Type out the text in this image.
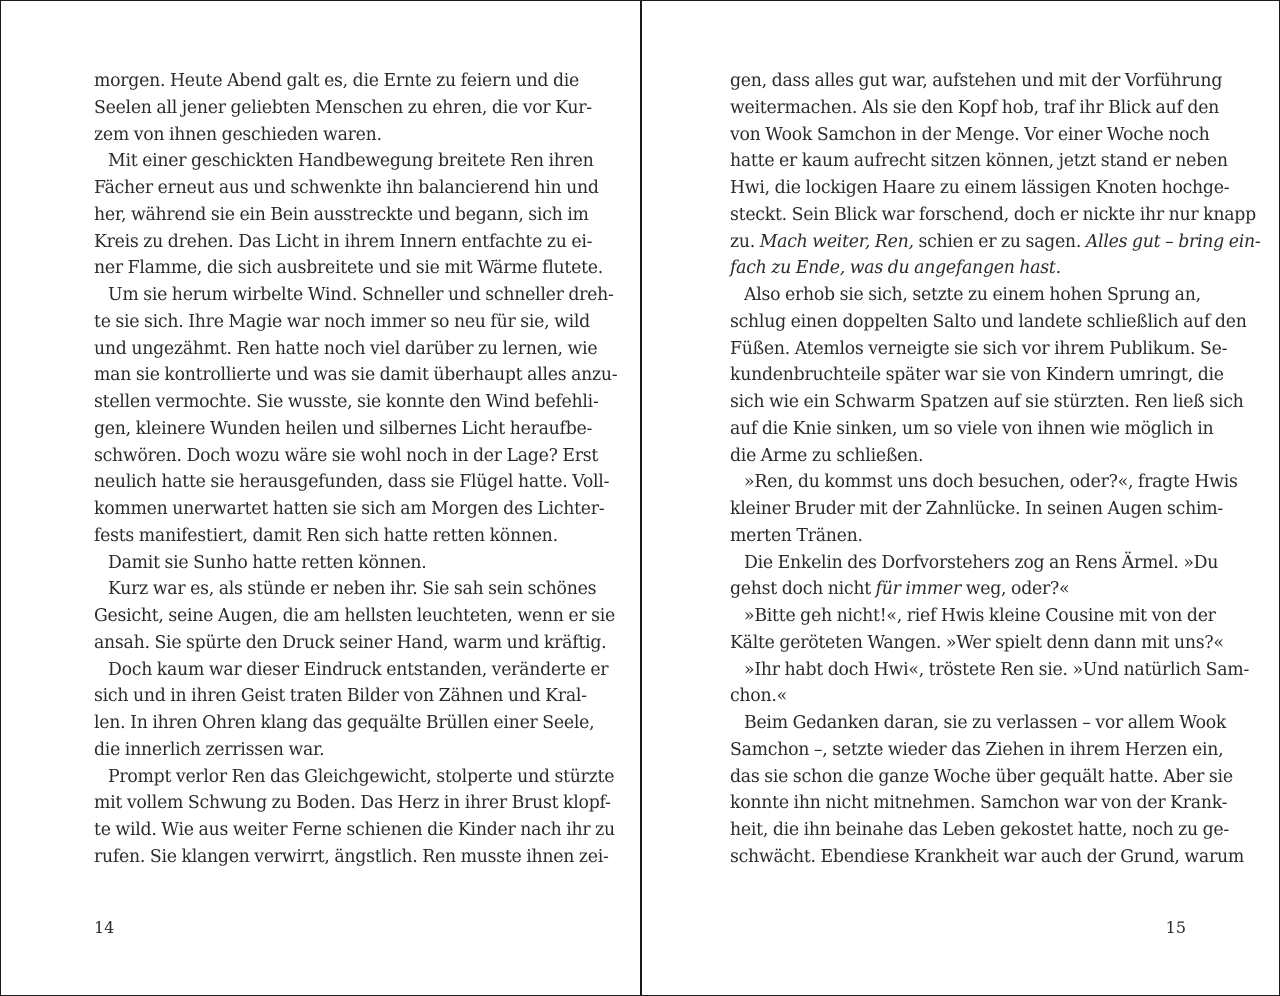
morgen. Heute Abend galt es, die Ernte zu feiern und die
Seelen all jener geliebten Menschen zu ehren, die vor Kur-
zem von ihnen geschieden waren.
Mit einer geschickten Handbewegung breitete Ren ihren
Fächer erneut aus und schwenkte ihn balancierend hin und
her, während sie ein Bein ausstreckte und begann, sich im
Kreis zu drehen. Das Licht in ihrem Innern entfachte zu ei-
ner Flamme, die sich ausbreitete und sie mit Wärme flutete.
Um sie herum wirbelte Wind. Schneller und schneller dreh-
te sie sich. Ihre Magie war noch immer so neu für sie, wild
und ungezähmt. Ren hatte noch viel darüber zu lernen, wie
man sie kontrollierte und was sie damit überhaupt alles anzu-
stellen vermochte. Sie wusste, sie konnte den Wind befehli-
gen, kleinere Wunden heilen und silbernes Licht heraufbe-
schwören. Doch wozu wäre sie wohl noch in der Lage? Erst
neulich hatte sie herausgefunden, dass sie Flügel hatte. Voll-
kommen unerwartet hatten sie sich am Morgen des Lichter-
fests manifestiert, damit Ren sich hatte retten können.
Damit sie Sunho hatte retten können.
Kurz war es, als stünde er neben ihr. Sie sah sein schönes
Gesicht, seine Augen, die am hellsten leuchteten, wenn er sie
ansah. Sie spürte den Druck seiner Hand, warm und kräftig.
Doch kaum war dieser Eindruck entstanden, veränderte er
sich und in ihren Geist traten Bilder von Zähnen und Kral-
len. In ihren Ohren klang das gequälte Brüllen einer Seele,
die innerlich zerrissen war.
Prompt verlor Ren das Gleichgewicht, stolperte und stürzte
mit vollem Schwung zu Boden. Das Herz in ihrer Brust klopf-
te wild. Wie aus weiter Ferne schienen die Kinder nach ihr zu
rufen. Sie klangen verwirrt, ängstlich. Ren musste ihnen zei-
14
gen, dass alles gut war, aufstehen und mit der Vorführung
weitermachen. Als sie den Kopf hob, traf ihr Blick auf den
von Wook Samchon in der Menge. Vor einer Woche noch
hatte er kaum aufrecht sitzen können, jetzt stand er neben
Hwi, die lockigen Haare zu einem lässigen Knoten hochge-
steckt. Sein Blick war forschend, doch er nickte ihr nur knapp
zu. Mach weiter, Ren, schien er zu sagen. Alles gut – bring ein-
fach zu Ende, was du angefangen hast.
Also erhob sie sich, setzte zu einem hohen Sprung an,
schlug einen doppelten Salto und landete schließlich auf den
Füßen. Atemlos verneigte sie sich vor ihrem Publikum. Se-
kundenbruchteile später war sie von Kindern umringt, die
sich wie ein Schwarm Spatzen auf sie stürzten. Ren ließ sich
auf die Knie sinken, um so viele von ihnen wie möglich in
die Arme zu schließen.
»Ren, du kommst uns doch besuchen, oder?«, fragte Hwis
kleiner Bruder mit der Zahnlücke. In seinen Augen schim-
merten Tränen.
Die Enkelin des Dorfvorstehers zog an Rens Ärmel. »Du
gehst doch nicht für immer weg, oder?«
»Bitte geh nicht!«, rief Hwis kleine Cousine mit von der
Kälte geröteten Wangen. »Wer spielt denn dann mit uns?«
»Ihr habt doch Hwi«, tröstete Ren sie. »Und natürlich Sam-
chon.«
Beim Gedanken daran, sie zu verlassen – vor allem Wook
Samchon –, setzte wieder das Ziehen in ihrem Herzen ein,
das sie schon die ganze Woche über gequält hatte. Aber sie
konnte ihn nicht mitnehmen. Samchon war von der Krank-
heit, die ihn beinahe das Leben gekostet hatte, noch zu ge-
schwächt. Ebendiese Krankheit war auch der Grund, warum
15
